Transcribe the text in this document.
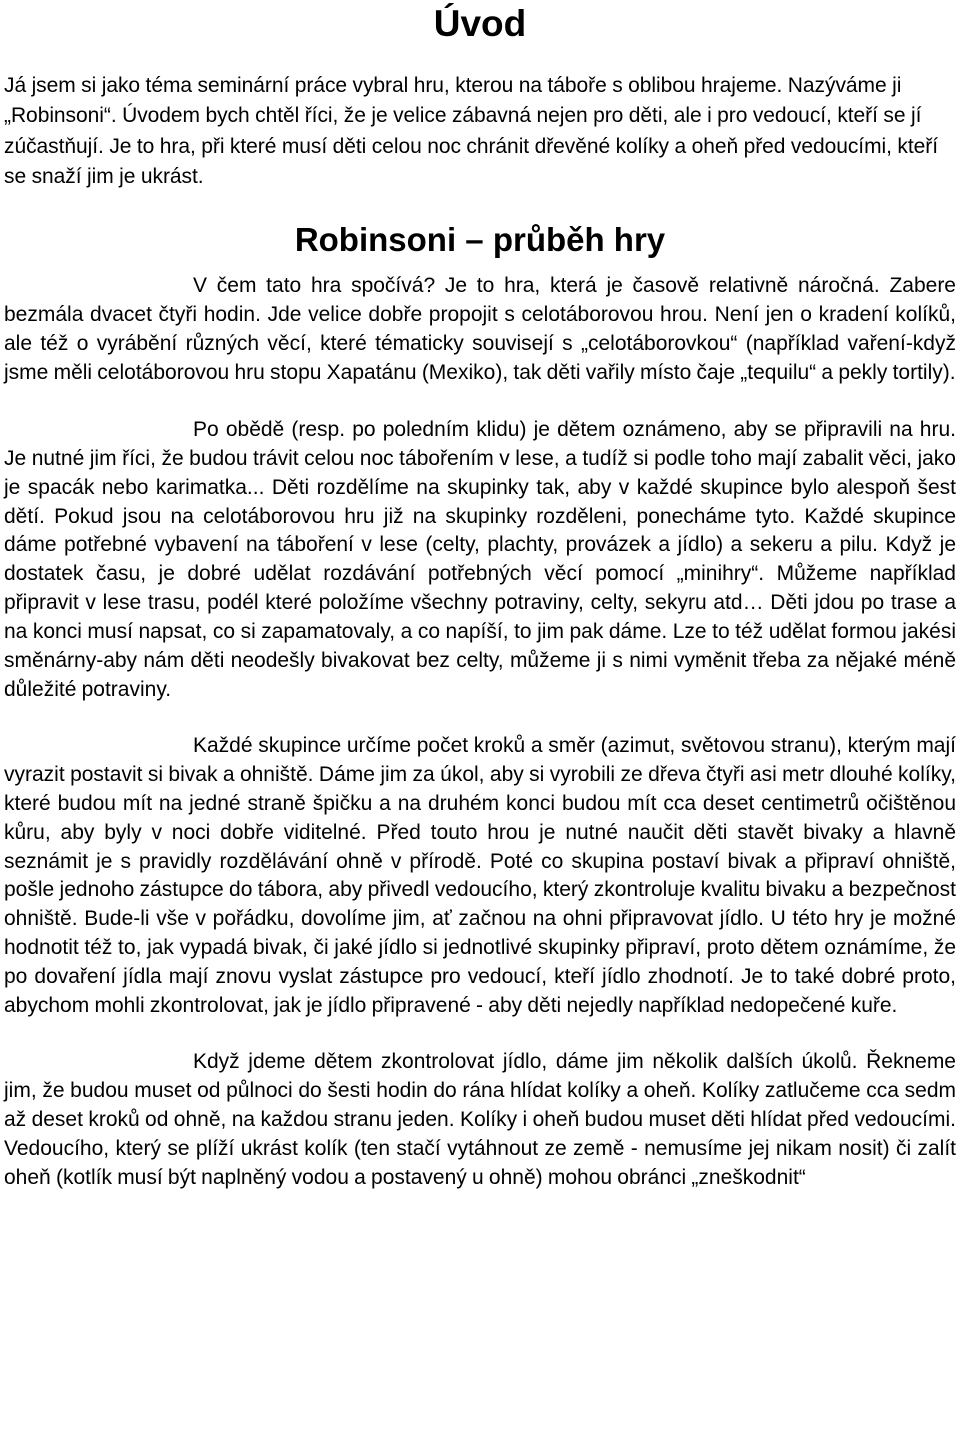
Úvod

Já jsem si jako téma seminární práce vybral hru, kterou na táboře s oblibou hrajeme. Nazýváme ji „Robinsoni“. Úvodem bych chtěl říci, že je velice zábavná nejen pro děti, ale i pro vedoucí, kteří se jí zúčastňují. Je to hra, při které musí děti celou noc chránit dřevěné kolíky a oheň před vedoucími, kteří se snaží jim je ukrást.

Robinsoni – průběh hry

V čem tato hra spočívá? Je to hra, která je časově relativně náročná. Zabere bezmála dvacet čtyři hodin. Jde velice dobře propojit s celotáborovou hrou. Není jen o kradení kolíků, ale též o vyrábění různých věcí, které tématicky souvisejí s „celotáborovkou“ (například vaření-když jsme měli celotáborovou hru stopu Xapatánu (Mexiko), tak děti vařily místo čaje „tequilu“ a pekly tortily).

Po obědě (resp. po poledním klidu) je dětem oznámeno, aby se připravili na hru. Je nutné jim říci, že budou trávit celou noc tábořením v lese, a tudíž si podle toho mají zabalit věci, jako je spacák nebo karimatka... Děti rozdělíme na skupinky tak, aby v každé skupince bylo alespoň šest dětí. Pokud jsou na celotáborovou hru již na skupinky rozděleni, ponecháme tyto. Každé skupince dáme potřebné vybavení na táboření v lese (celty, plachty, provázek a jídlo) a sekeru a pilu. Když je dostatek času, je dobré udělat rozdávání potřebných věcí pomocí „minihry“. Můžeme například připravit v lese trasu, podél které položíme všechny potraviny, celty, sekyru atd… Děti jdou po trase a na konci musí napsat, co si zapamatovaly, a co napíší, to jim pak dáme. Lze to též udělat formou jakési směnárny-aby nám děti neodešly bivakovat bez celty, můžeme ji s nimi vyměnit třeba za nějaké méně důležité potraviny.

Každé skupince určíme počet kroků a směr (azimut, světovou stranu), kterým mají vyrazit postavit si bivak a ohniště. Dáme jim za úkol, aby si vyrobili ze dřeva čtyři asi metr dlouhé kolíky, které budou mít na jedné straně špičku a na druhém konci budou mít cca deset centimetrů očištěnou kůru, aby byly v noci dobře viditelné. Před touto hrou je nutné naučit děti stavět bivaky a hlavně seznámit je s pravidly rozdělávání ohně v přírodě. Poté co skupina postaví bivak a připraví ohniště, pošle jednoho zástupce do tábora, aby přivedl vedoucího, který zkontroluje kvalitu bivaku a bezpečnost ohniště. Bude-li vše v pořádku, dovolíme jim, ať začnou na ohni připravovat jídlo. U této hry je možné hodnotit též to, jak vypadá bivak, či jaké jídlo si jednotlivé skupinky připraví, proto dětem oznámíme, že po dovaření jídla mají znovu vyslat zástupce pro vedoucí, kteří jídlo zhodnotí. Je to také dobré proto, abychom mohli zkontrolovat, jak je jídlo připravené - aby děti nejedly například nedopečené kuře.

Když jdeme dětem zkontrolovat jídlo, dáme jim několik dalších úkolů. Řekneme jim, že budou muset od půlnoci do šesti hodin do rána hlídat kolíky a oheň. Kolíky zatlučeme cca sedm až deset kroků od ohně, na každou stranu jeden. Kolíky i oheň budou muset děti hlídat před vedoucími. Vedoucího, který se plíží ukrást kolík (ten stačí vytáhnout ze země - nemusíme jej nikam nosit) či zalít oheň (kotlík musí být naplněný vodou a postavený u ohně) mohou obránci „zneškodnit“
